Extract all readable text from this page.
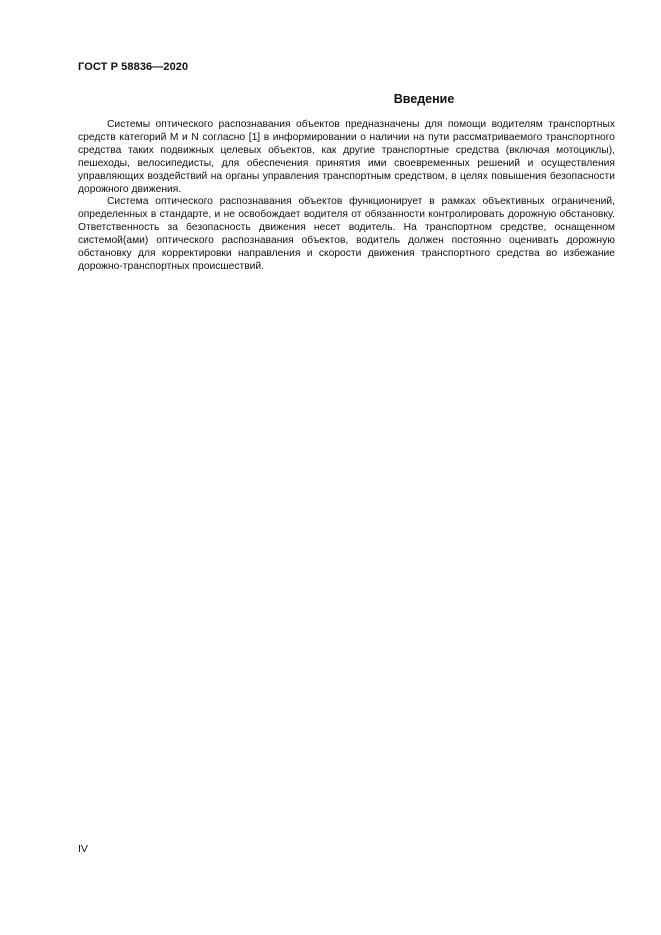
ГОСТ Р 58836—2020
Введение

Системы оптического распознавания объектов предназначены для помощи водителям транспортных средств категорий M и N согласно [1] в информировании о наличии на пути рассматриваемого транспортного средства таких подвижных целевых объектов, как другие транспортные средства (включая мотоциклы), пешеходы, велосипедисты, для обеспечения принятия ими своевременных решений и осуществления управляющих воздействий на органы управления транспортным средством, в целях повышения безопасности дорожного движения.

Система оптического распознавания объектов функционирует в рамках объективных ограничений, определенных в стандарте, и не освобождает водителя от обязанности контролировать дорожную обстановку. Ответственность за безопасность движения несет водитель. На транспортном средстве, оснащенном системой(ами) оптического распознавания объектов, водитель должен постоянно оценивать дорожную обстановку для корректировки направления и скорости движения транспортного средства во избежание дорожно-транспортных происшествий.

IV
